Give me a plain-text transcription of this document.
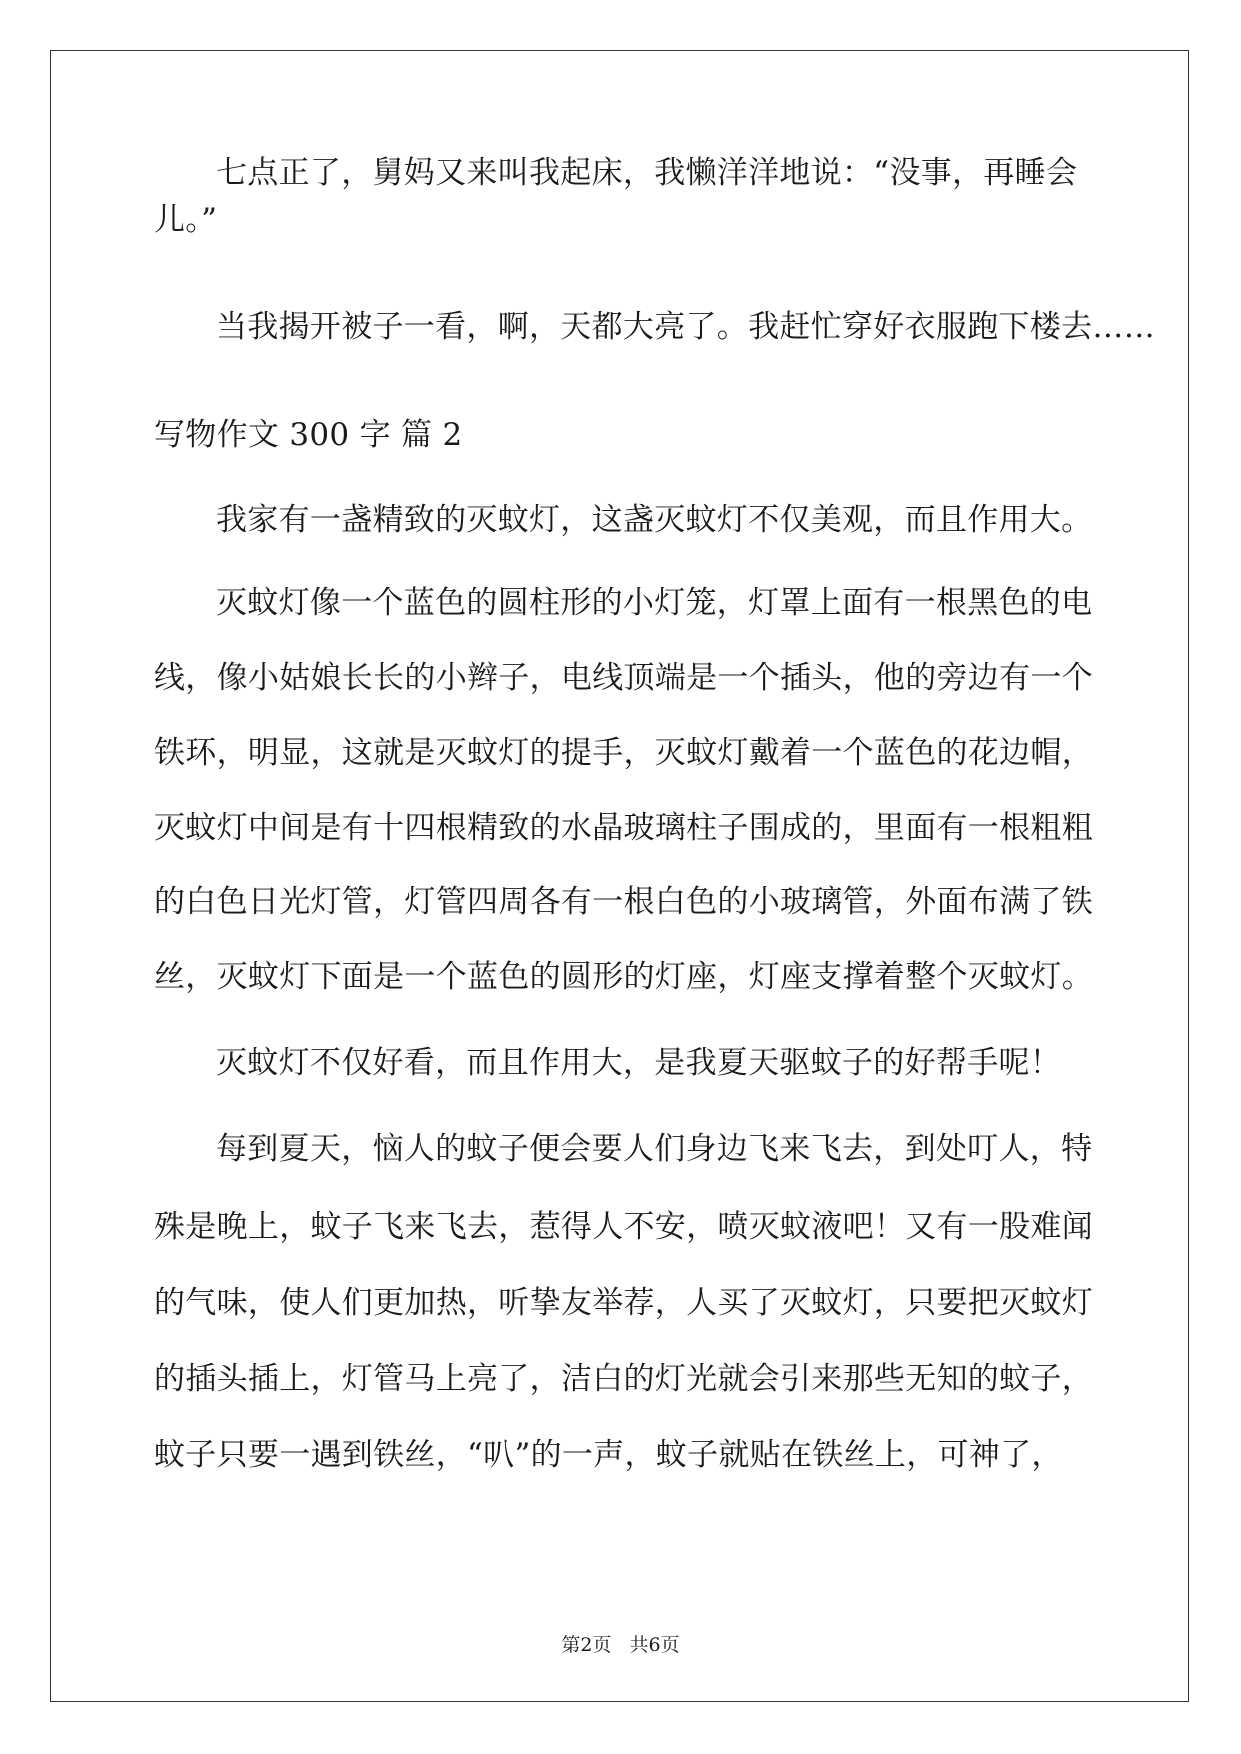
七点正了，舅妈又来叫我起床，我懒洋洋地说：“没事，再睡会
儿。”
当我揭开被子一看，啊，天都大亮了。我赶忙穿好衣服跑下楼去……
写物作文 300 字 篇 2
我家有一盏精致的灭蚊灯，这盏灭蚊灯不仅美观，而且作用大。
灭蚊灯像一个蓝色的圆柱形的小灯笼，灯罩上面有一根黑色的电
线，像小姑娘长长的小辫子，电线顶端是一个插头，他的旁边有一个
铁环，明显，这就是灭蚊灯的提手，灭蚊灯戴着一个蓝色的花边帽，
灭蚊灯中间是有十四根精致的水晶玻璃柱子围成的，里面有一根粗粗
的白色日光灯管，灯管四周各有一根白色的小玻璃管，外面布满了铁
丝，灭蚊灯下面是一个蓝色的圆形的灯座，灯座支撑着整个灭蚊灯。
灭蚊灯不仅好看，而且作用大，是我夏天驱蚊子的好帮手呢！
每到夏天，恼人的蚊子便会要人们身边飞来飞去，到处叮人，特
殊是晚上，蚊子飞来飞去，惹得人不安，喷灭蚊液吧！又有一股难闻
的气味，使人们更加热，听挚友举荐，人买了灭蚊灯，只要把灭蚊灯
的插头插上，灯管马上亮了，洁白的灯光就会引来那些无知的蚊子，
蚊子只要一遇到铁丝，“叭”的一声，蚊子就贴在铁丝上，可神了，
第2页 共6页
